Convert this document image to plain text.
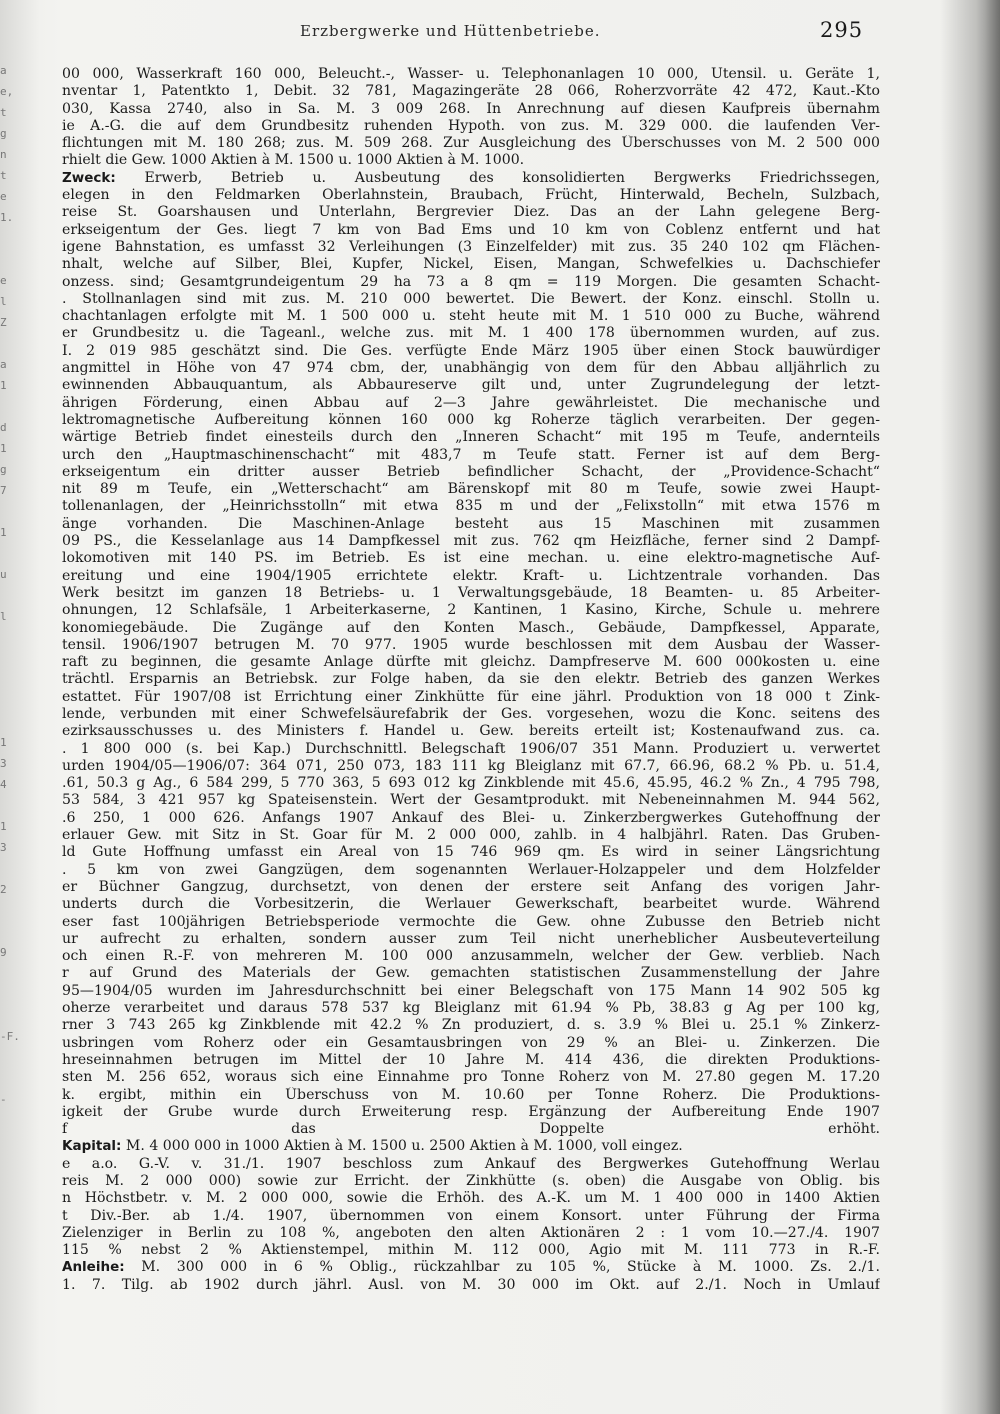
a
e,
t
g
n
t
e
1.

e
l
Z

a
1

d
1
g
7

1

u

l

1
3
4

1
3

2

9

-F.

-

Erzbergwerke und Hüttenbetriebe.	295
00 000, Wasserkraft 160 000, Beleucht.-, Wasser- u. Telephonanlagen 10 000, Utensil. u. Geräte 1,
nventar 1, Patentkto 1, Debit. 32 781, Magazingeräte 28 066, Roherzvorräte 42 472, Kaut.-Kto
030, Kassa 2740, also in Sa. M. 3 009 268. In Anrechnung auf diesen Kaufpreis übernahm
ie A.-G. die auf dem Grundbesitz ruhenden Hypoth. von zus. M. 329 000. die laufenden Ver-
flichtungen mit M. 180 268; zus. M. 509 268. Zur Ausgleichung des Überschusses von M. 2 500 000
rhielt die Gew. 1000 Aktien à M. 1500 u. 1000 Aktien à M. 1000.
Zweck: Erwerb, Betrieb u. Ausbeutung des konsolidierten Bergwerks Friedrichssegen,
elegen in den Feldmarken Oberlahnstein, Braubach, Frücht, Hinterwald, Becheln, Sulzbach,
reise St. Goarshausen und Unterlahn, Bergrevier Diez. Das an der Lahn gelegene Berg-
erkseigentum der Ges. liegt 7 km von Bad Ems und 10 km von Coblenz entfernt und hat
igene Bahnstation, es umfasst 32 Verleihungen (3 Einzelfelder) mit zus. 35 240 102 qm Flächen-
nhalt, welche auf Silber, Blei, Kupfer, Nickel, Eisen, Mangan, Schwefelkies u. Dachschiefer
onzess. sind; Gesamtgrundeigentum 29 ha 73 a 8 qm = 119 Morgen. Die gesamten Schacht-
. Stollnanlagen sind mit zus. M. 210 000 bewertet. Die Bewert. der Konz. einschl. Stolln u.
chachtanlagen erfolgte mit M. 1 500 000 u. steht heute mit M. 1 510 000 zu Buche, während
er Grundbesitz u. die Tageanl., welche zus. mit M. 1 400 178 übernommen wurden, auf zus.
I. 2 019 985 geschätzt sind. Die Ges. verfügte Ende März 1905 über einen Stock bauwürdiger
angmittel in Höhe von 47 974 cbm, der, unabhängig von dem für den Abbau alljährlich zu
ewinnenden Abbauquantum, als Abbaureserve gilt und, unter Zugrundelegung der letzt-
ährigen Förderung, einen Abbau auf 2—3 Jahre gewährleistet. Die mechanische und
lektromagnetische Aufbereitung können 160 000 kg Roherze täglich verarbeiten. Der gegen-
wärtige Betrieb findet einesteils durch den „Inneren Schacht“ mit 195 m Teufe, andernteils
urch den „Hauptmaschinenschacht“ mit 483,7 m Teufe statt. Ferner ist auf dem Berg-
erkseigentum ein dritter ausser Betrieb befindlicher Schacht, der „Providence-Schacht“
nit 89 m Teufe, ein „Wetterschacht“ am Bärenskopf mit 80 m Teufe, sowie zwei Haupt-
tollenanlagen, der „Heinrichsstolln“ mit etwa 835 m und der „Felixstolln“ mit etwa 1576 m
änge vorhanden. Die Maschinen-Anlage besteht aus 15 Maschinen mit zusammen
09 PS., die Kesselanlage aus 14 Dampfkessel mit zus. 762 qm Heizfläche, ferner sind 2 Dampf-
lokomotiven mit 140 PS. im Betrieb. Es ist eine mechan. u. eine elektro-magnetische Auf-
ereitung und eine 1904/1905 errichtete elektr. Kraft- u. Lichtzentrale vorhanden. Das
Werk besitzt im ganzen 18 Betriebs- u. 1 Verwaltungsgebäude, 18 Beamten- u. 85 Arbeiter-
ohnungen, 12 Schlafsäle, 1 Arbeiterkaserne, 2 Kantinen, 1 Kasino, Kirche, Schule u. mehrere
konomiegebäude. Die Zugänge auf den Konten Masch., Gebäude, Dampfkessel, Apparate,
tensil. 1906/1907 betrugen M. 70 977. 1905 wurde beschlossen mit dem Ausbau der Wasser-
raft zu beginnen, die gesamte Anlage dürfte mit gleichz. Dampfreserve M. 600 000kosten u. eine
trächtl. Ersparnis an Betriebsk. zur Folge haben, da sie den elektr. Betrieb des ganzen Werkes
estattet. Für 1907/08 ist Errichtung einer Zinkhütte für eine jährl. Produktion von 18 000 t Zink-
lende, verbunden mit einer Schwefelsäurefabrik der Ges. vorgesehen, wozu die Konc. seitens des
ezirksausschusses u. des Ministers f. Handel u. Gew. bereits erteilt ist; Kostenaufwand zus. ca.
. 1 800 000 (s. bei Kap.) Durchschnittl. Belegschaft 1906/07 351 Mann. Produziert u. verwertet
urden 1904/05—1906/07: 364 071, 250 073, 183 111 kg Bleiglanz mit 67.7, 66.96, 68.2 % Pb. u. 51.4,
.61, 50.3 g Ag., 6 584 299, 5 770 363, 5 693 012 kg Zinkblende mit 45.6, 45.95, 46.2 % Zn., 4 795 798,
53 584, 3 421 957 kg Spateisenstein. Wert der Gesamtprodukt. mit Nebeneinnahmen M. 944 562,
.6 250, 1 000 626. Anfangs 1907 Ankauf des Blei- u. Zinkerzbergwerkes Gutehoffnung der
erlauer Gew. mit Sitz in St. Goar für M. 2 000 000, zahlb. in 4 halbjährl. Raten. Das Gruben-
ld Gute Hoffnung umfasst ein Areal von 15 746 969 qm. Es wird in seiner Längsrichtung
. 5 km von zwei Gangzügen, dem sogenannten Werlauer-Holzappeler und dem Holzfelder
er Büchner Gangzug, durchsetzt, von denen der erstere seit Anfang des vorigen Jahr-
underts durch die Vorbesitzerin, die Werlauer Gewerkschaft, bearbeitet wurde. Während
eser fast 100jährigen Betriebsperiode vermochte die Gew. ohne Zubusse den Betrieb nicht
ur aufrecht zu erhalten, sondern ausser zum Teil nicht unerheblicher Ausbeuteverteilung
och einen R.-F. von mehreren M. 100 000 anzusammeln, welcher der Gew. verblieb. Nach
r auf Grund des Materials der Gew. gemachten statistischen Zusammenstellung der Jahre
95—1904/05 wurden im Jahresdurchschnitt bei einer Belegschaft von 175 Mann 14 902 505 kg
oherze verarbeitet und daraus 578 537 kg Bleiglanz mit 61.94 % Pb, 38.83 g Ag per 100 kg,
rner 3 743 265 kg Zinkblende mit 42.2 % Zn produziert, d. s. 3.9 % Blei u. 25.1 % Zinkerz-
usbringen vom Roherz oder ein Gesamtausbringen von 29 % an Blei- u. Zinkerzen. Die
hreseinnahmen betrugen im Mittel der 10 Jahre M. 414 436, die direkten Produktions-
sten M. 256 652, woraus sich eine Einnahme pro Tonne Roherz von M. 27.80 gegen M. 17.20
k. ergibt, mithin ein Überschuss von M. 10.60 per Tonne Roherz. Die Produktions-
igkeit der Grube wurde durch Erweiterung resp. Ergänzung der Aufbereitung Ende 1907
f das Doppelte erhöht.
Kapital: M. 4 000 000 in 1000 Aktien à M. 1500 u. 2500 Aktien à M. 1000, voll eingez.
e a.o. G.-V. v. 31./1. 1907 beschloss zum Ankauf des Bergwerkes Gutehoffnung Werlau
reis M. 2 000 000) sowie zur Erricht. der Zinkhütte (s. oben) die Ausgabe von Oblig. bis
n Höchstbetr. v. M. 2 000 000, sowie die Erhöh. des A.-K. um M. 1 400 000 in 1400 Aktien
t Div.-Ber. ab 1./4. 1907, übernommen von einem Konsort. unter Führung der Firma
Zielenziger in Berlin zu 108 %, angeboten den alten Aktionären 2 : 1 vom 10.—27./4. 1907
115 % nebst 2 % Aktienstempel, mithin M. 112 000, Agio mit M. 111 773 in R.-F.
Anleihe: M. 300 000 in 6 % Oblig., rückzahlbar zu 105 %, Stücke à M. 1000. Zs. 2./1.
1. 7. Tilg. ab 1902 durch jährl. Ausl. von M. 30 000 im Okt. auf 2./1. Noch in Umlauf
